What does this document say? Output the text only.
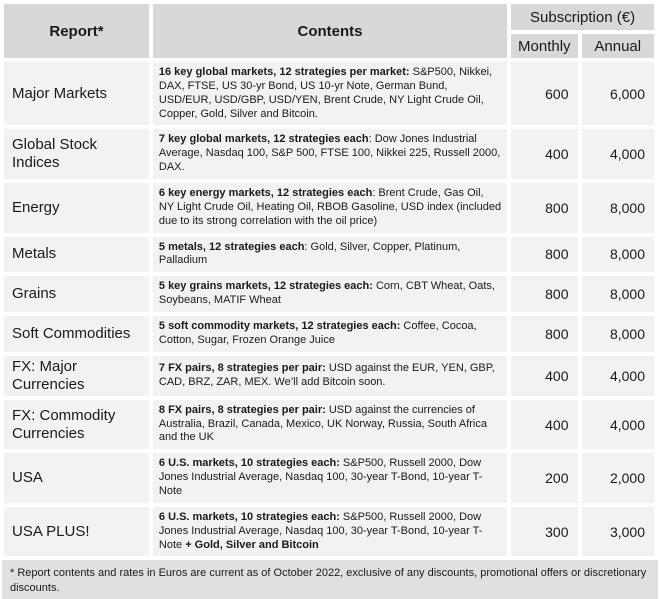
Report*	Contents	Subscription (€)	
		Monthly	Annual
Major Markets	16 key global markets, 12 strategies per market: S&P500, Nikkei, DAX, FTSE, US 30-yr Bond, US 10-yr Note, German Bund, USD/EUR, USD/GBP, USD/YEN, Brent Crude, NY Light Crude Oil, Copper, Gold, Silver and Bitcoin.	600	6,000
Global Stock Indices	7 key global markets, 12 strategies each: Dow Jones Industrial Average, Nasdaq 100, S&P 500, FTSE 100, Nikkei 225, Russell 2000, DAX.	400	4,000
Energy	6 key energy markets, 12 strategies each: Brent Crude, Gas Oil, NY Light Crude Oil, Heating Oil, RBOB Gasoline, USD index (included due to its strong correlation with the oil price)	800	8,000
Metals	5 metals, 12 strategies each: Gold, Silver, Copper, Platinum, Palladium	800	8,000
Grains	5 key grains markets, 12 strategies each: Corn, CBT Wheat, Oats, Soybeans, MATIF Wheat	800	8,000
Soft Commodities	5 soft commodity markets, 12 strategies each: Coffee, Cocoa, Cotton, Sugar, Frozen Orange Juice	800	8,000
FX: Major Currencies	7 FX pairs, 8 strategies per pair: USD against the EUR, YEN, GBP, CAD, BRZ, ZAR, MEX. We’ll add Bitcoin soon.	400	4,000
FX: Commodity Currencies	8 FX pairs, 8 strategies per pair: USD against the currencies of Australia, Brazil, Canada, Mexico, UK Norway, Russia, South Africa and the UK	400	4,000
USA	6 U.S. markets, 10 strategies each: S&P500, Russell 2000, Dow Jones Industrial Average, Nasdaq 100, 30-year T-Bond, 10-year T-Note	200	2,000
USA PLUS!	6 U.S. markets, 10 strategies each: S&P500, Russell 2000, Dow Jones Industrial Average, Nasdaq 100, 30-year T-Bond, 10-year T-Note + Gold, Silver and Bitcoin	300	3,000
* Report contents and rates in Euros are current as of October 2022, exclusive of any discounts, promotional offers or discretionary discounts.
